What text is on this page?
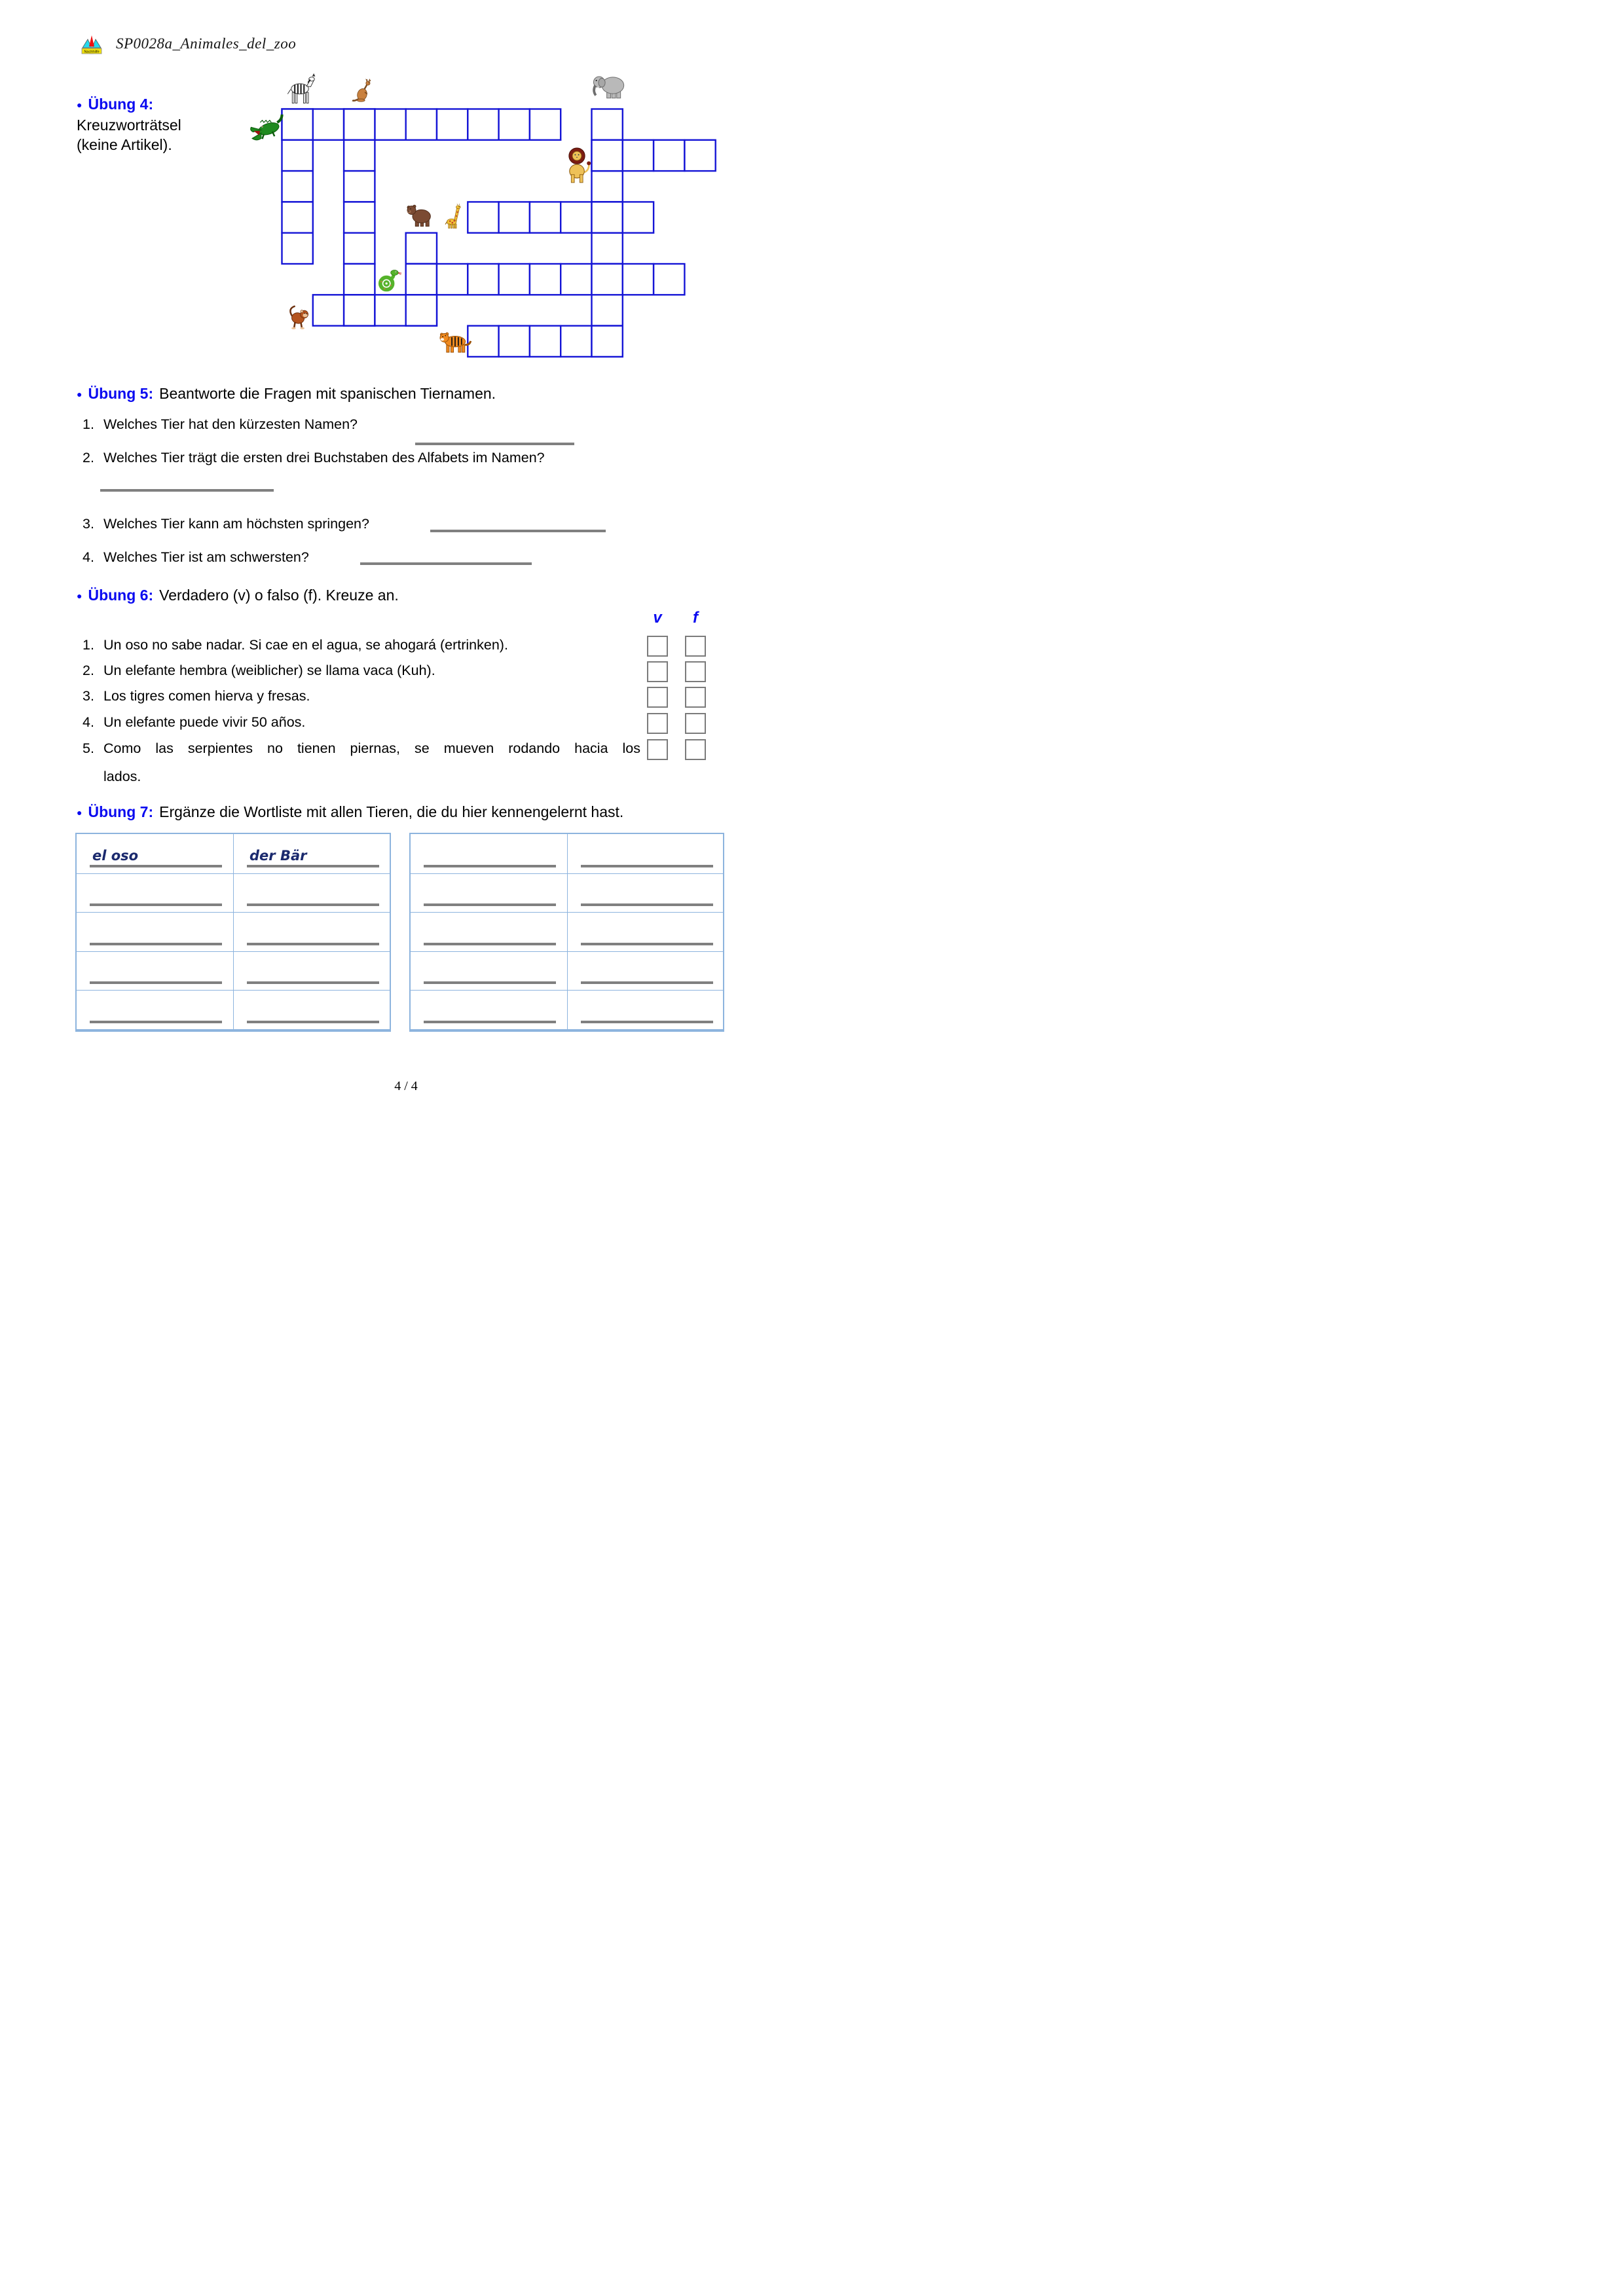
Nachhilfe
SP0028a_Animales_del_zoo
● Übung 4:
Kreuzworträtsel
(keine Artikel).
● Übung 5: Beantworte die Fragen mit spanischen Tiernamen.
1. Welches Tier hat den kürzesten Namen?
2. Welches Tier trägt die ersten drei Buchstaben des Alfabets im Namen?
3. Welches Tier kann am höchsten springen?
4. Welches Tier ist am schwersten?
● Übung 6: Verdadero (v) o falso (f). Kreuze an.
v	f
1. Un oso no sabe nadar. Si cae en el agua, se ahogará (ertrinken).
2. Un elefante hembra (weiblicher) se llama vaca (Kuh).
3. Los tigres comen hierva y fresas.
4. Un elefante puede vivir 50 años.
5. Como las serpientes no tienen piernas, se mueven rodando hacia los
lados.
● Übung 7: Ergänze die Wortliste mit allen Tieren, die du hier kennengelernt hast.
el oso	der Bär
4 / 4
